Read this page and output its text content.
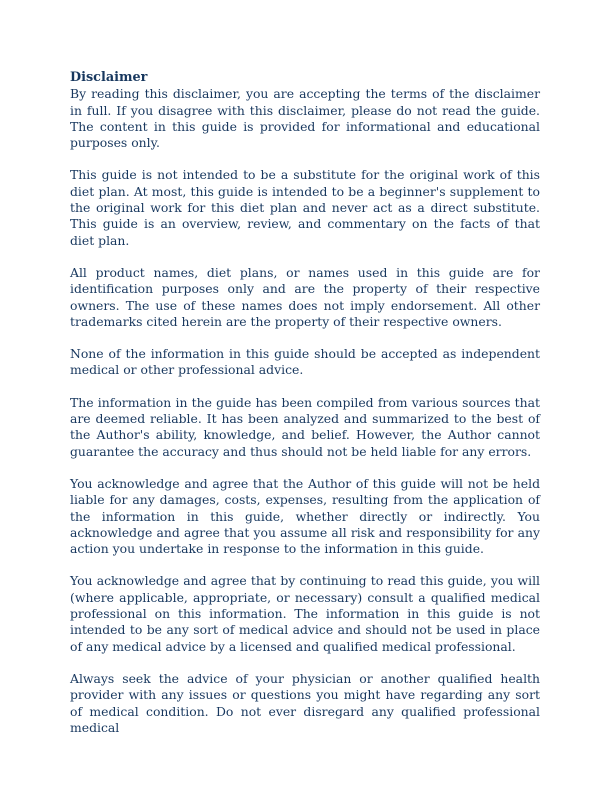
Disclaimer

By reading this disclaimer, you are accepting the terms of the disclaimer in full. If you disagree with this disclaimer, please do not read the guide. The content in this guide is provided for informational and educational purposes only.

This guide is not intended to be a substitute for the original work of this diet plan. At most, this guide is intended to be a beginner's supplement to the original work for this diet plan and never act as a direct substitute. This guide is an overview, review, and commentary on the facts of that diet plan.

All product names, diet plans, or names used in this guide are for identification purposes only and are the property of their respective owners. The use of these names does not imply endorsement. All other trademarks cited herein are the property of their respective owners.

None of the information in this guide should be accepted as independent medical or other professional advice.

The information in the guide has been compiled from various sources that are deemed reliable. It has been analyzed and summarized to the best of the Author's ability, knowledge, and belief. However, the Author cannot guarantee the accuracy and thus should not be held liable for any errors.

You acknowledge and agree that the Author of this guide will not be held liable for any damages, costs, expenses, resulting from the application of the information in this guide, whether directly or indirectly. You acknowledge and agree that you assume all risk and responsibility for any action you undertake in response to the information in this guide.

You acknowledge and agree that by continuing to read this guide, you will (where applicable, appropriate, or necessary) consult a qualified medical professional on this information. The information in this guide is not intended to be any sort of medical advice and should not be used in place of any medical advice by a licensed and qualified medical professional.

Always seek the advice of your physician or another qualified health provider with any issues or questions you might have regarding any sort of medical condition. Do not ever disregard any qualified professional medical
